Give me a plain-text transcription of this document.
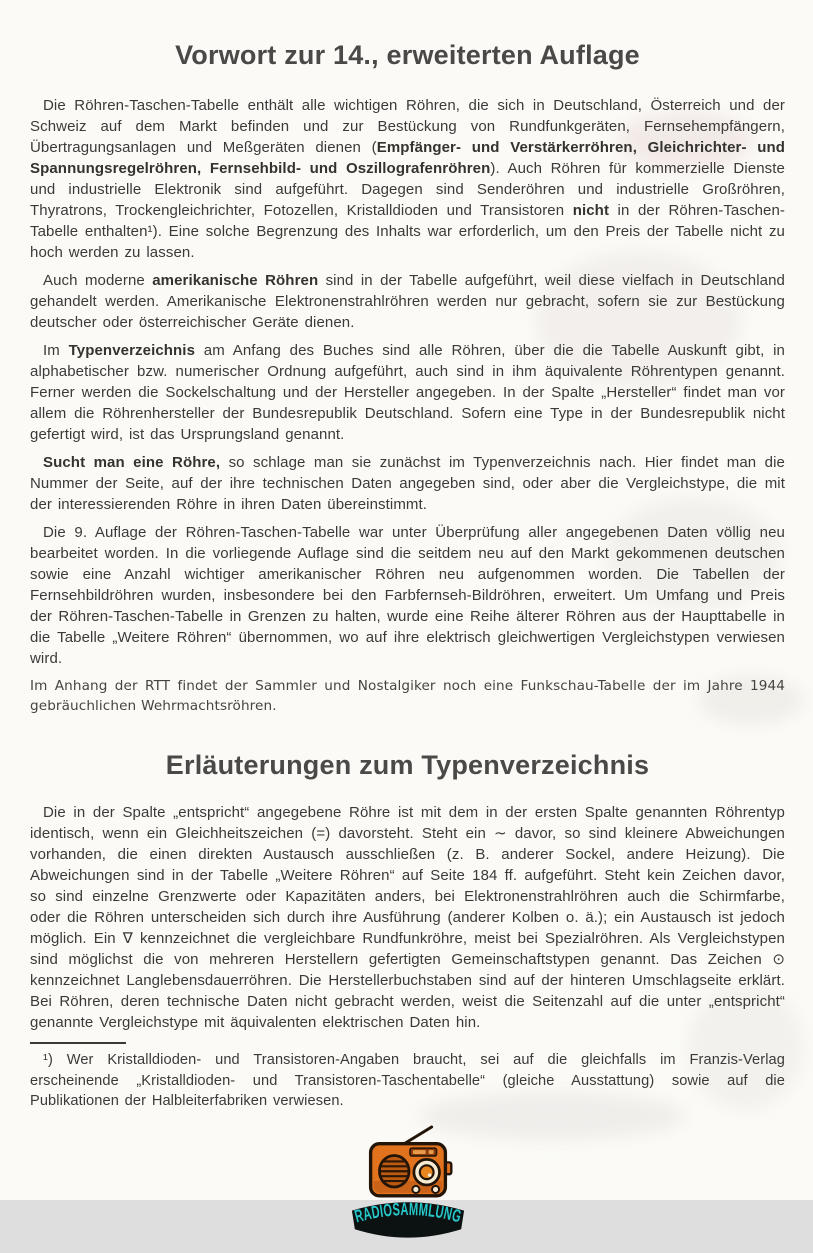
Vorwort zur 14., erweiterten Auflage

Die Röhren-Taschen-Tabelle enthält alle wichtigen Röhren, die sich in Deutschland, Österreich und der Schweiz auf dem Markt befinden und zur Bestückung von Rundfunkgeräten, Fernsehempfängern, Übertragungsanlagen und Meßgeräten dienen (Empfänger- und Verstärkerröhren, Gleichrichter- und Spannungsregelröhren, Fernsehbild- und Oszillografenröhren). Auch Röhren für kommerzielle Dienste und industrielle Elektronik sind aufgeführt. Dagegen sind Senderöhren und industrielle Großröhren, Thyratrons, Trockengleichrichter, Fotozellen, Kristalldioden und Transistoren nicht in der Röhren-Taschen-Tabelle enthalten¹). Eine solche Begrenzung des Inhalts war erforderlich, um den Preis der Tabelle nicht zu hoch werden zu lassen.

Auch moderne amerikanische Röhren sind in der Tabelle aufgeführt, weil diese vielfach in Deutschland gehandelt werden. Amerikanische Elektronenstrahlröhren werden nur gebracht, sofern sie zur Bestückung deutscher oder österreichischer Geräte dienen.

Im Typenverzeichnis am Anfang des Buches sind alle Röhren, über die die Tabelle Auskunft gibt, in alphabetischer bzw. numerischer Ordnung aufgeführt, auch sind in ihm äquivalente Röhrentypen genannt. Ferner werden die Sockelschaltung und der Hersteller angegeben. In der Spalte „Hersteller“ findet man vor allem die Röhrenhersteller der Bundesrepublik Deutschland. Sofern eine Type in der Bundesrepublik nicht gefertigt wird, ist das Ursprungsland genannt.

Sucht man eine Röhre, so schlage man sie zunächst im Typenverzeichnis nach. Hier findet man die Nummer der Seite, auf der ihre technischen Daten angegeben sind, oder aber die Vergleichstype, die mit der interessierenden Röhre in ihren Daten übereinstimmt.

Die 9. Auflage der Röhren-Taschen-Tabelle war unter Überprüfung aller angegebenen Daten völlig neu bearbeitet worden. In die vorliegende Auflage sind die seitdem neu auf den Markt gekommenen deutschen sowie eine Anzahl wichtiger amerikanischer Röhren neu aufgenommen worden. Die Tabellen der Fernsehbildröhren wurden, insbesondere bei den Farbfernseh-Bildröhren, erweitert. Um Umfang und Preis der Röhren-Taschen-Tabelle in Grenzen zu halten, wurde eine Reihe älterer Röhren aus der Haupttabelle in die Tabelle „Weitere Röhren“ übernommen, wo auf ihre elektrisch gleichwertigen Vergleichstypen verwiesen wird.

Im Anhang der RTT findet der Sammler und Nostalgiker noch eine Funkschau-Tabelle der im Jahre 1944 gebräuchlichen Wehrmachtsröhren.

Erläuterungen zum Typenverzeichnis

Die in der Spalte „entspricht“ angegebene Röhre ist mit dem in der ersten Spalte genannten Röhrentyp identisch, wenn ein Gleichheitszeichen (=) davorsteht. Steht ein ∼ davor, so sind kleinere Abweichungen vorhanden, die einen direkten Austausch ausschließen (z. B. anderer Sockel, andere Heizung). Die Abweichungen sind in der Tabelle „Weitere Röhren“ auf Seite 184 ff. aufgeführt. Steht kein Zeichen davor, so sind einzelne Grenzwerte oder Kapazitäten anders, bei Elektronenstrahlröhren auch die Schirmfarbe, oder die Röhren unterscheiden sich durch ihre Ausführung (anderer Kolben o. ä.); ein Austausch ist jedoch möglich. Ein ∇ kennzeichnet die vergleichbare Rundfunkröhre, meist bei Spezialröhren. Als Vergleichstypen sind möglichst die von mehreren Herstellern gefertigten Gemeinschaftstypen genannt. Das Zeichen ⊙ kennzeichnet Langlebensdauerröhren. Die Herstellerbuchstaben sind auf der hinteren Umschlagseite erklärt. Bei Röhren, deren technische Daten nicht gebracht werden, weist die Seitenzahl auf die unter „entspricht“ genannte Vergleichstype mit äquivalenten elektrischen Daten hin.

¹) Wer Kristalldioden- und Transistoren-Angaben braucht, sei auf die gleichfalls im Franzis-Verlag erscheinende „Kristalldioden- und Transistoren-Taschentabelle“ (gleiche Ausstattung) sowie auf die Publikationen der Halbleiterfabriken verwiesen.

RADIOSAMMLUNG
